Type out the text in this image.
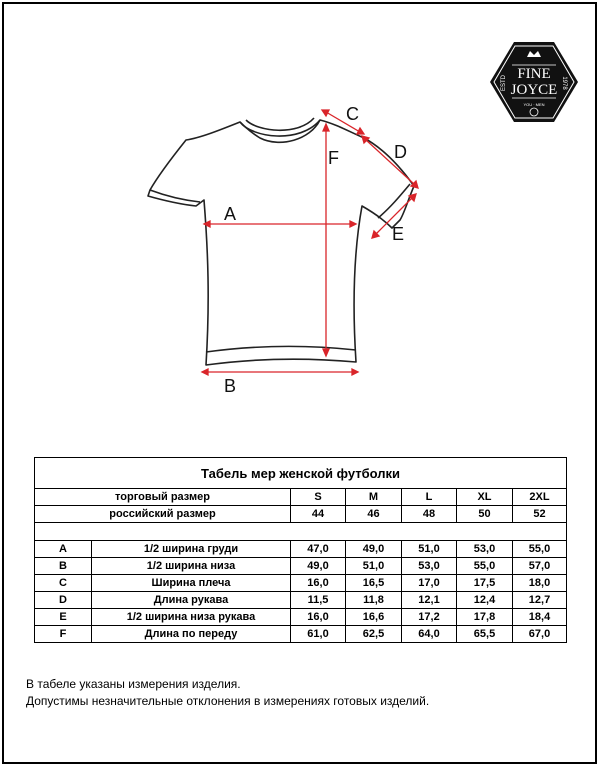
FINE
JOYCE
ESTD	1978
YOU · MEN
A
B
C
D
E
F
Табель мер женской футболки						
торговый размер		S	M	L	XL	2XL
российский размер		44	46	48	50	52

A	1/2 ширина груди	47,0	49,0	51,0	53,0	55,0
B	1/2 ширина низа	49,0	51,0	53,0	55,0	57,0
C	Ширина плеча	16,0	16,5	17,0	17,5	18,0
D	Длина рукава	11,5	11,8	12,1	12,4	12,7
E	1/2 ширина низа рукава	16,0	16,6	17,2	17,8	18,4
F	Длина по переду	61,0	62,5	64,0	65,5	67,0
В табеле указаны измерения изделия.
Допустимы незначительные отклонения в измерениях готовых изделий.
